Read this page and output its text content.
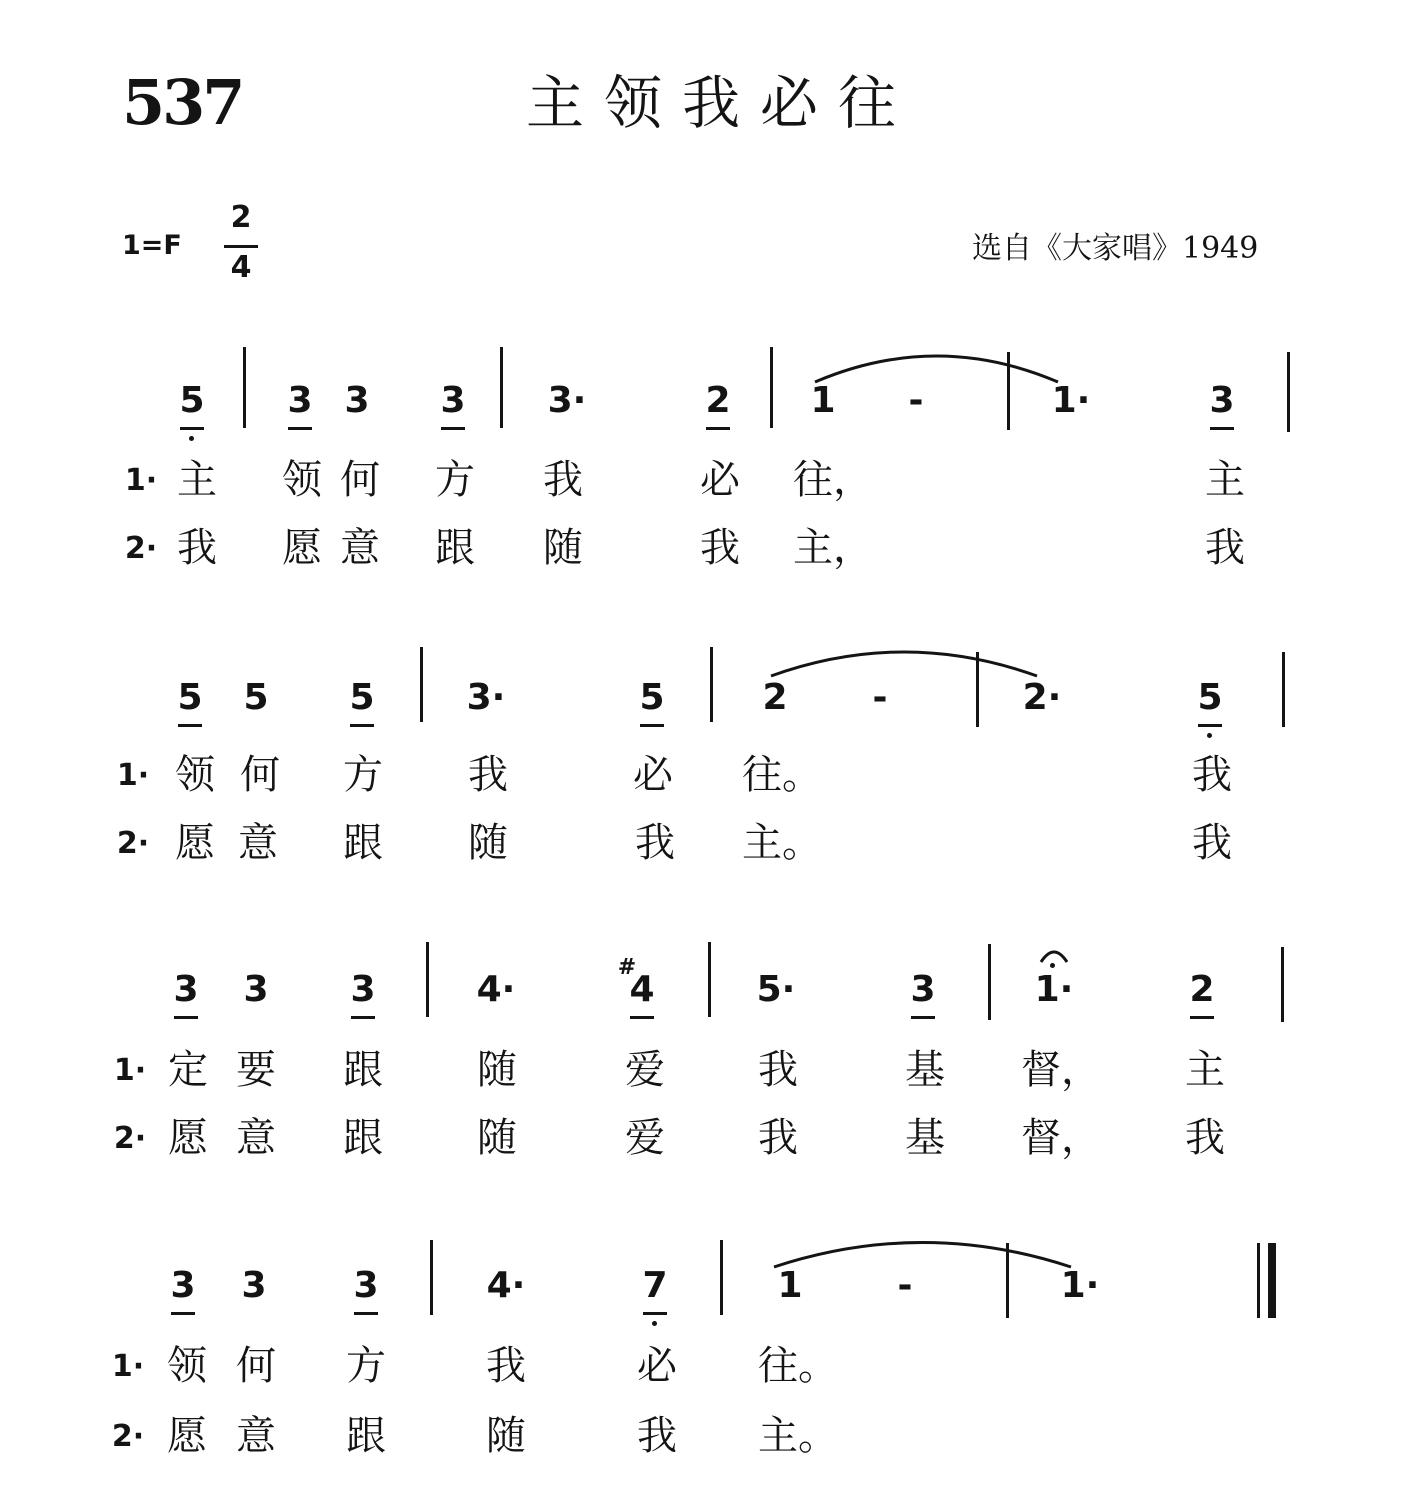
537	主领我必往
1=F
2
4
选自《大家唱》1949
5 3 3 3 3·	2 1 -	1·	3
1· 主 领 何 方 我	必 往，	主
2· 我 愿 意 跟 随	我 主，	我
5 5 5	3·	5	2 -	2·	5
1· 领 何 方 我	必 往。	我
2· 愿 意 跟 随	我 主。	我
3 3 3	4·	4
#
5·	3	1·	2
1· 定 要 跟 随	爱 我	基 督， 主
2· 愿 意 跟 随	爱 我	基 督， 我
3 3 3	4·	7	1	-	1·
1· 领 何 方	我	必 往。
2· 愿 意 跟	随	我 主。
